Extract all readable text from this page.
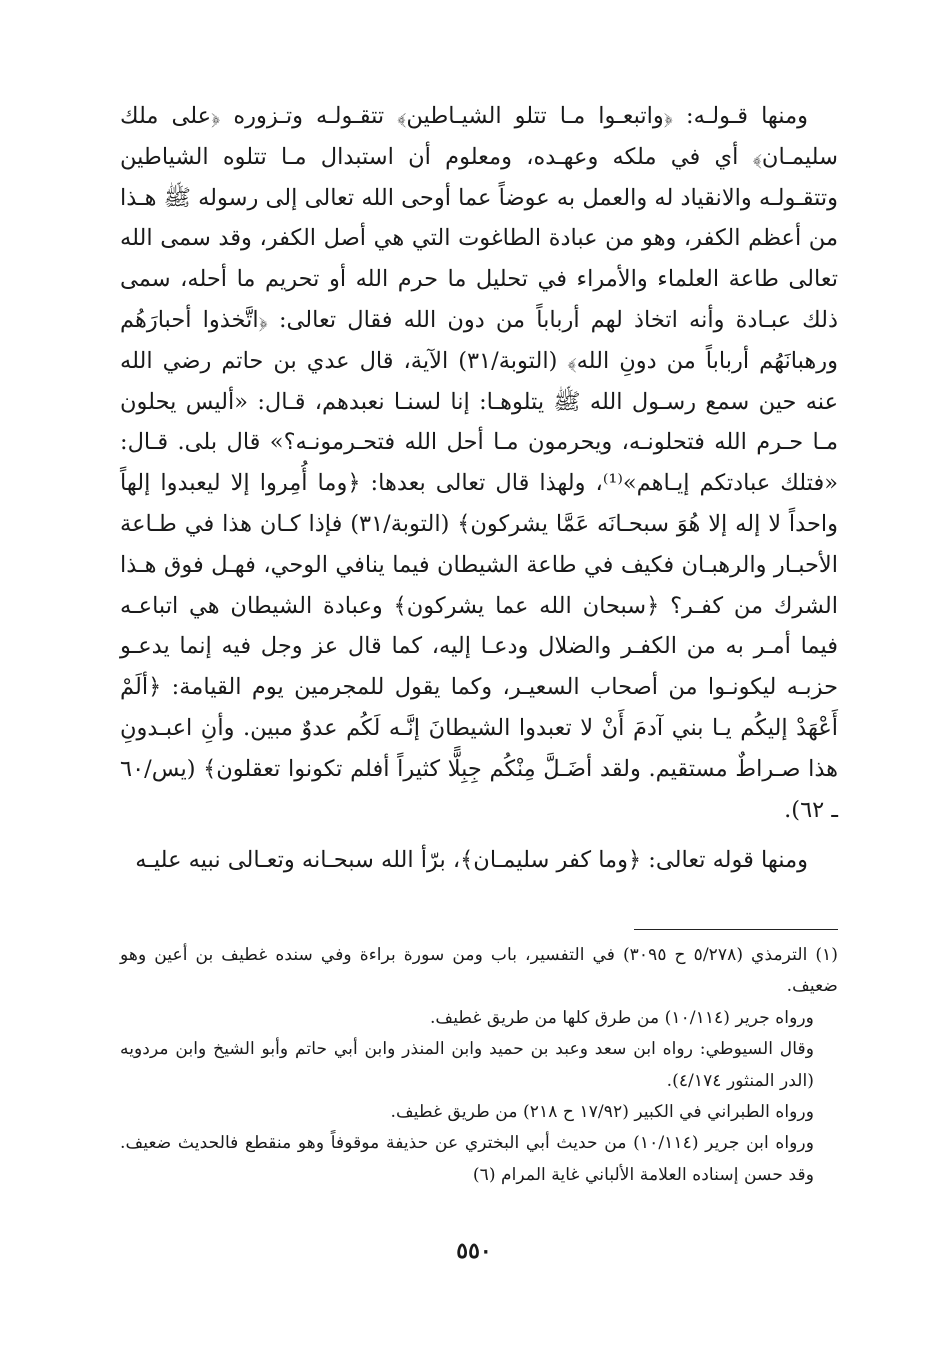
ومنها قـولـه: ﴿واتبعـوا مـا تتلو الشيـاطين﴾ تتقـولـه وتـزوره ﴿على ملك سليمـان﴾ أي في ملكه وعهـده، ومعلوم أن استبدال مـا تتلوه الشياطين وتتقـولـه والانقياد له والعمل به عوضاً عما أوحى الله تعالى إلى رسوله ﷺ هـذا من أعظم الكفر، وهو من عبادة الطاغوت التي هي أصل الكفر، وقد سمى الله تعالى طاعة العلماء والأمراء في تحليل ما حرم الله أو تحريم ما أحله، سمى ذلك عبـادة وأنه اتخاذ لهم أرباباً من دون الله فقال تعالى: ﴿اتَّخذوا أحبارَهُم ورهبانَهُم أرباباً من دونِ الله﴾ (التوبة/٣١) الآية، قال عدي بن حاتم رضي الله عنه حين سمع رسـول الله ﷺ يتلوهـا: إنا لسنـا نعبدهم، قـال: «أليس يحلون مـا حـرم الله فتحلونـه، ويحرمون مـا أحل الله فتحـرمونـه؟» قال بلى. قـال: «فتلك عبادتكم إيـاهم»⁽¹⁾، ولهذا قال تعالى بعدها: ﴿وما أُمِروا إلا ليعبدوا إلهاً واحداً لا إله إلا هُوَ سبحـانَه عَمَّا يشركون﴾ (التوبة/٣١) فإذا كـان هذا في طـاعة الأحبـار والرهبـان فكيف في طاعة الشيطان فيما ينافي الوحي، فهـل فوق هـذا الشرك من كفـر؟ ﴿سبحان الله عما يشركون﴾ وعبادة الشيطان هي اتباعـه فيما أمـر به من الكفـر والضلال ودعـا إليه، كما قال عز وجل فيه إنما يدعـو حزبـه ليكونـوا من أصحاب السعيـر، وكما يقول للمجرمين يوم القيامة: ﴿ألَمْ أَعْهَدْ إليكُم يـا بني آدمَ أَنْ لا تعبدوا الشيطانَ إنَّـه لَكُم عدوٌ مبين. وأنِ اعبـدونِ هذا صـراطٌ مستقيم. ولقد أضَـلَّ مِنْكُم جِبِلًّا كثيراً أفلم تكونوا تعقلون﴾ (يس/٦٠ ـ ٦٢).

ومنها قوله تعالى: ﴿وما كفر سليمـان﴾، برّأ الله سبحـانه وتعـالى نبيه عليـه

(١) الترمذي (٥/٢٧٨ ح ٣٠٩٥) في التفسير، باب ومن سورة براءة وفي سنده غطيف بن أعين وهو ضعيف.

ورواه جرير (١٠/١١٤) من طرق كلها من طريق غطيف.

وقال السيوطي: رواه ابن سعد وعبد بن حميد وابن المنذر وابن أبي حاتم وأبو الشيخ وابن مردويه (الدر المنثور ٤/١٧٤).

ورواه الطبراني في الكبير (١٧/٩٢ ح ٢١٨) من طريق غطيف.

ورواه ابن جرير (١٠/١١٤) من حديث أبي البختري عن حذيفة موقوفاً وهو منقطع فالحديث ضعيف. وقد حسن إسناده العلامة الألباني غاية المرام (٦)

٥٥٠
